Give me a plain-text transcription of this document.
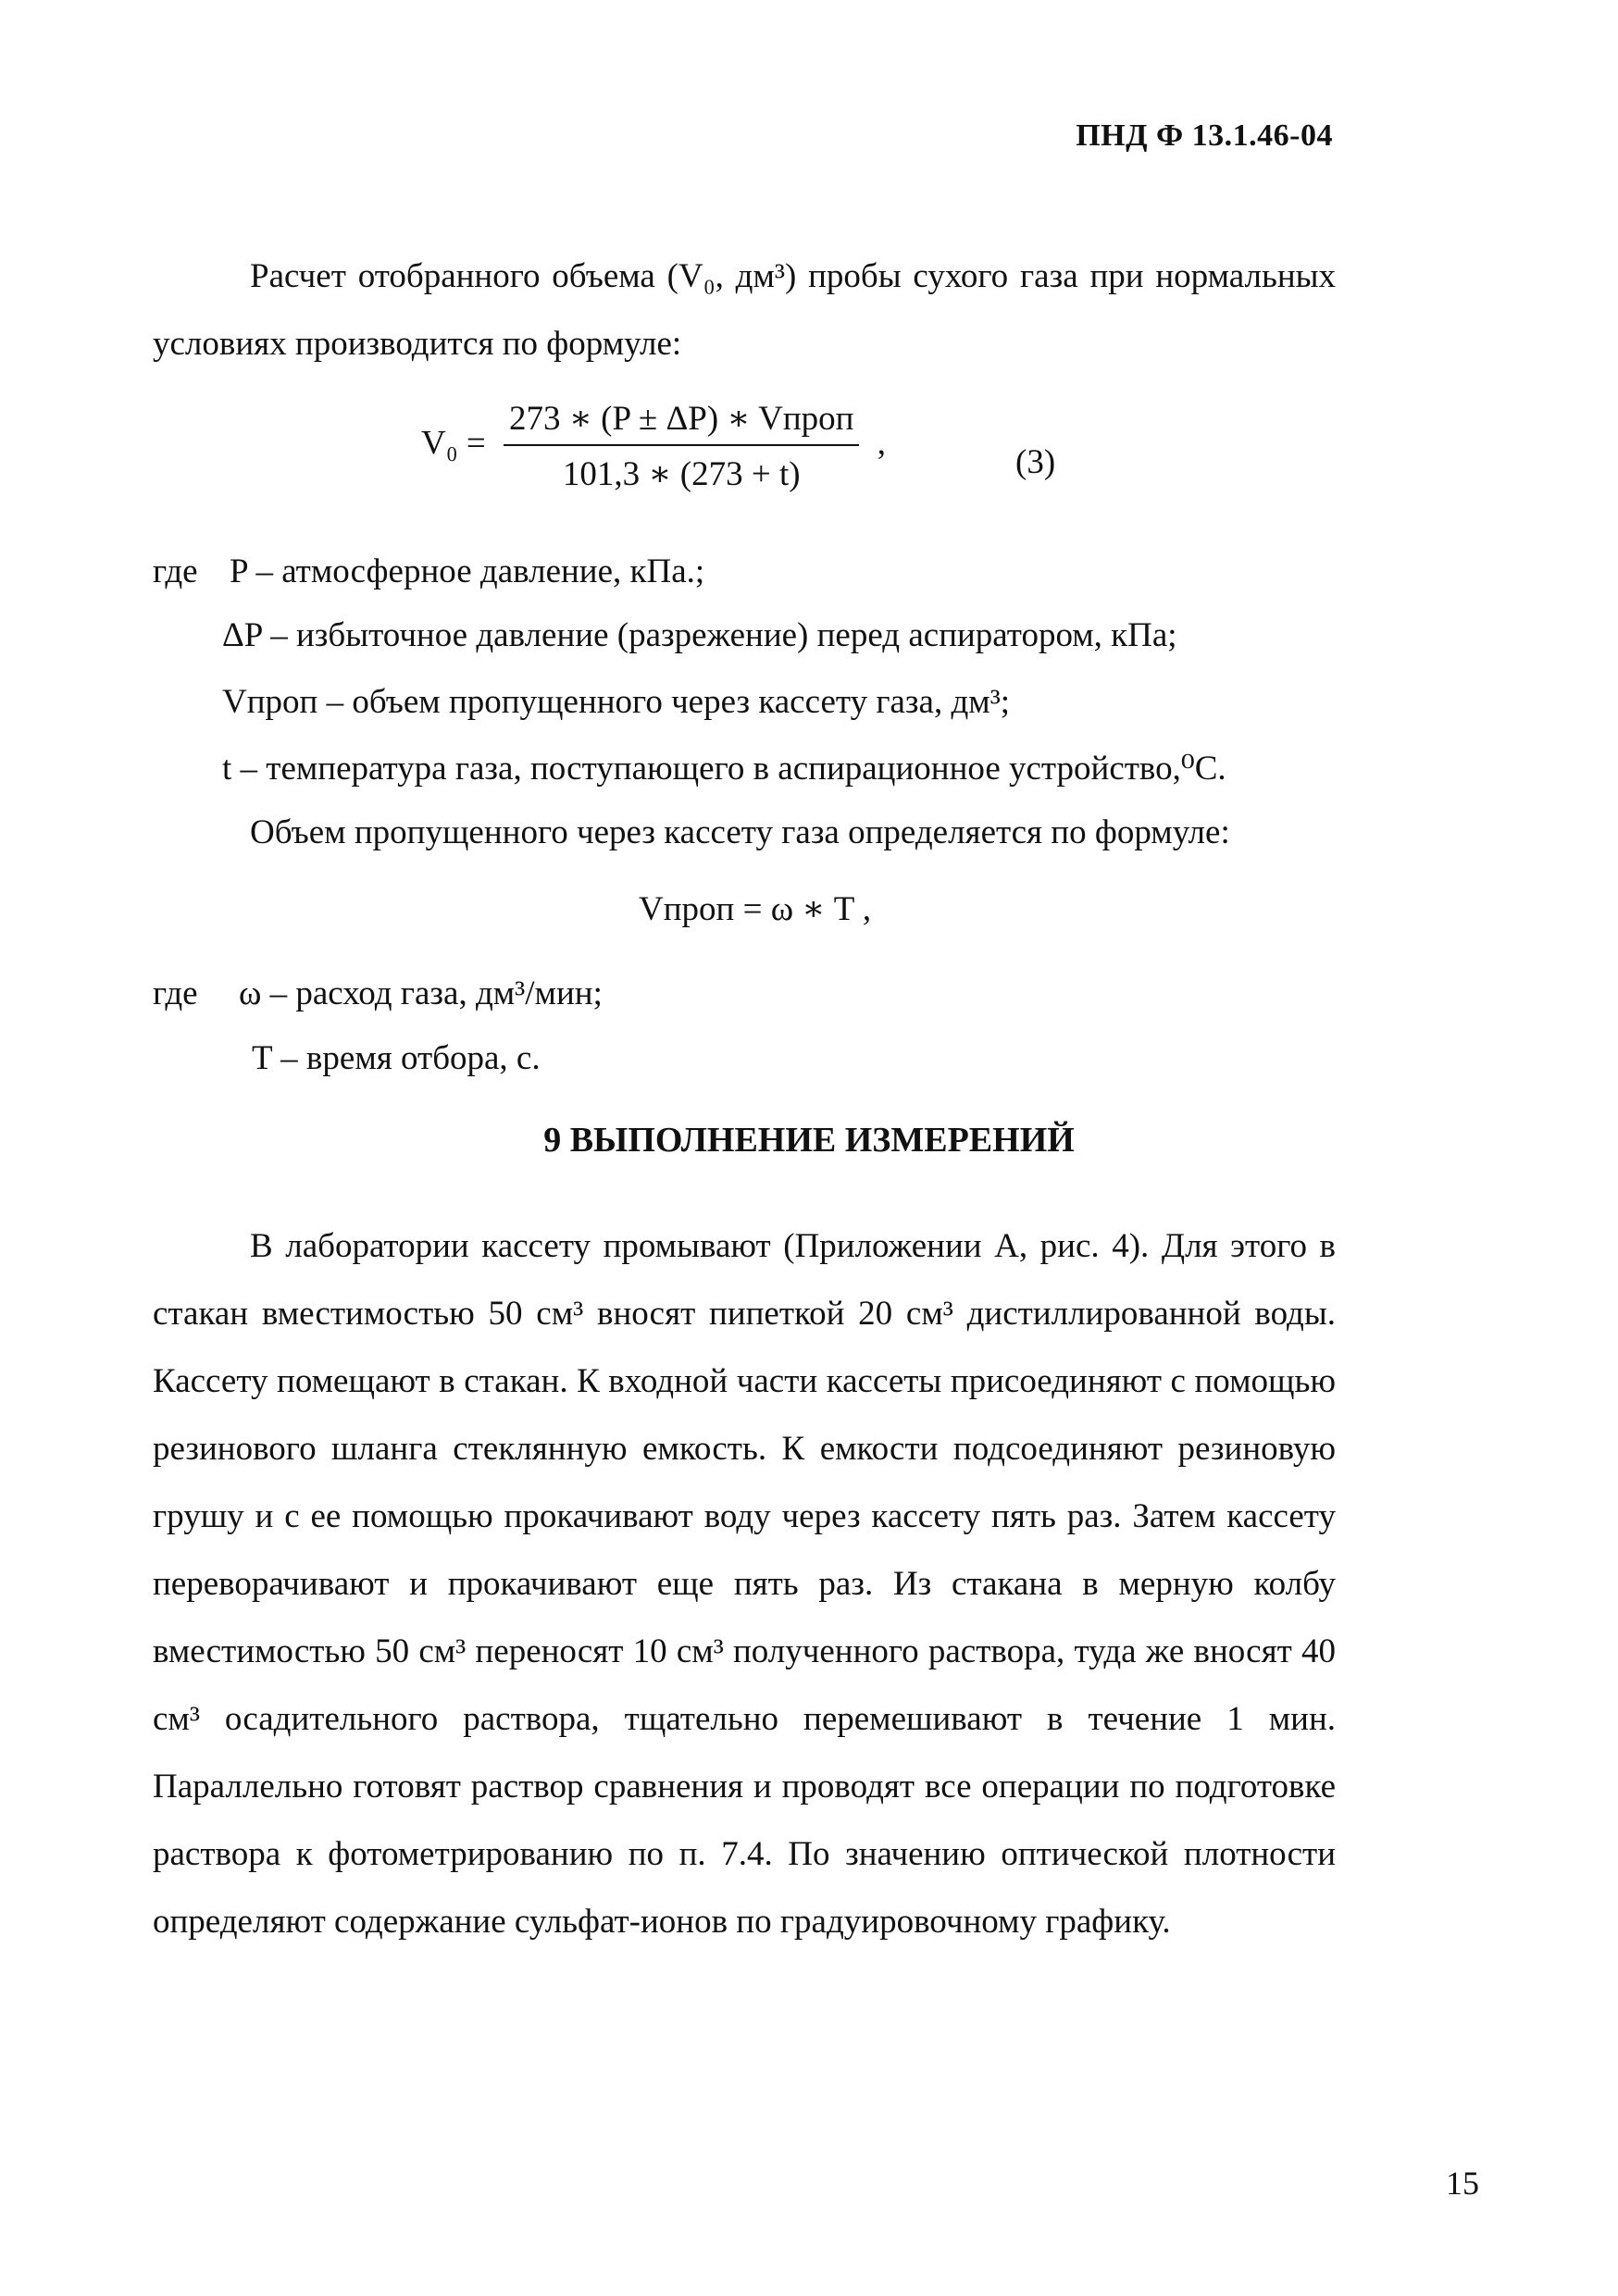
ПНД Ф 13.1.46-04

Расчет отобранного объема (V₀, дм³) пробы сухого газа при нормальных условиях производится по формуле:

$V_0 = \frac{\text{273 ∗ (P ± ΔP) ∗ Vпроп}}{101,3 ∗ (273 + t)}$ ,
(3)
где P – атмосферное давление, кПа.;
ΔP – избыточное давление (разрежение) перед аспиратором, кПа;
Vпроп – объем пропущенного через кассету газа, дм³;
t – температура газа, поступающего в аспирационное устройство,⁰С.
Объем пропущенного через кассету газа определяется по формуле:
Vпроп = ω ∗ T ,
где ω – расход газа, дм³/мин;
T – время отбора, с.
9 ВЫПОЛНЕНИЕ ИЗМЕРЕНИЙ

В лаборатории кассету промывают (Приложении А, рис. 4). Для этого в стакан вместимостью 50 см³ вносят пипеткой 20 см³ дистиллированной воды. Кассету помещают в стакан. К входной части кассеты присоединяют с помощью резинового шланга стеклянную емкость. К емкости подсоединяют резиновую грушу и с ее помощью прокачивают воду через кассету пять раз. Затем кассету переворачивают и прокачивают еще пять раз. Из стакана в мерную колбу вместимостью 50 см³ переносят 10 см³ полученного раствора, туда же вносят 40 см³ осадительного раствора, тщательно перемешивают в течение 1 мин. Параллельно готовят раствор сравнения и проводят все операции по подготовке раствора к фотометрированию по п. 7.4. По значению оптической плотности определяют содержание сульфат-ионов по градуировочному графику.

15
